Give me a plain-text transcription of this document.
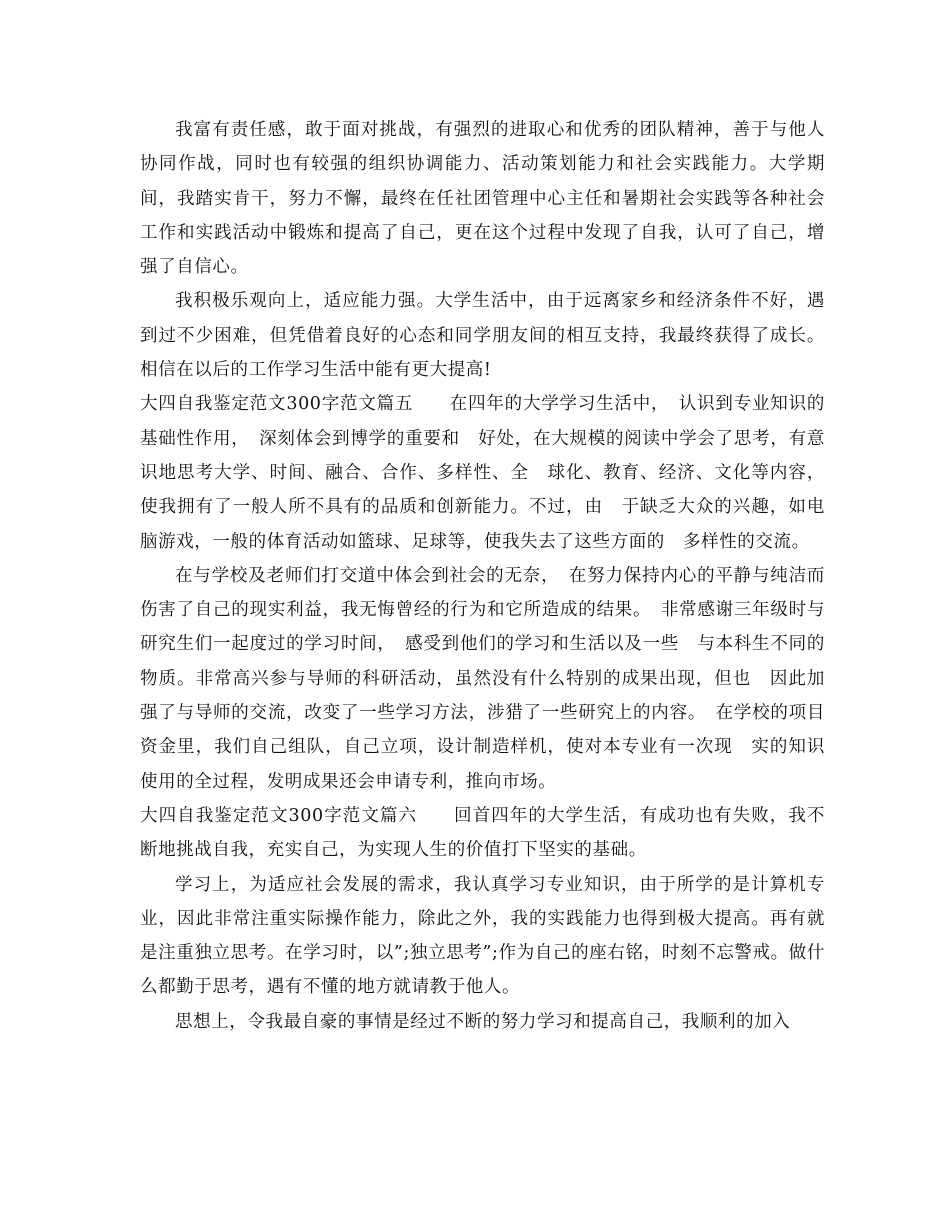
我富有责任感，敢于面对挑战，有强烈的进取心和优秀的团队精神，善于与他人协同作战，同时也有较强的组织协调能力、活动策划能力和社会实践能力。大学期间，我踏实肯干，努力不懈，最终在任社团管理中心主任和暑期社会实践等各种社会工作和实践活动中锻炼和提高了自己，更在这个过程中发现了自我，认可了自己，增强了自信心。

我积极乐观向上，适应能力强。大学生活中，由于远离家乡和经济条件不好，遇到过不少困难，但凭借着良好的心态和同学朋友间的相互支持，我最终获得了成长。相信在以后的工作学习生活中能有更大提高!

大四自我鉴定范文300字范文篇五　　在四年的大学学习生活中，　认识到专业知识的基础性作用，　深刻体会到博学的重要和　好处，在大规模的阅读中学会了思考，有意识地思考大学、时间、融合、合作、多样性、全　球化、教育、经济、文化等内容，使我拥有了一般人所不具有的品质和创新能力。不过，由　于缺乏大众的兴趣，如电脑游戏，一般的体育活动如篮球、足球等，使我失去了这些方面的　多样性的交流。

在与学校及老师们打交道中体会到社会的无奈，　在努力保持内心的平静与纯洁而伤害了自己的现实利益，我无悔曾经的行为和它所造成的结果。　非常感谢三年级时与研究生们一起度过的学习时间，　感受到他们的学习和生活以及一些　与本科生不同的物质。非常高兴参与导师的科研活动，虽然没有什么特别的成果出现，但也　因此加强了与导师的交流，改变了一些学习方法，涉猎了一些研究上的内容。　在学校的项目资金里，我们自己组队，自己立项，设计制造样机，使对本专业有一次现　实的知识使用的全过程，发明成果还会申请专利，推向市场。

大四自我鉴定范文300字范文篇六　　回首四年的大学生活，有成功也有失败，我不断地挑战自我，充实自己，为实现人生的价值打下坚实的基础。

学习上，为适应社会发展的需求，我认真学习专业知识，由于所学的是计算机专业，因此非常注重实际操作能力，除此之外，我的实践能力也得到极大提高。再有就是注重独立思考。在学习时，以”;独立思考”;作为自己的座右铭，时刻不忘警戒。做什么都勤于思考，遇有不懂的地方就请教于他人。

思想上，令我最自豪的事情是经过不断的努力学习和提高自己，我顺利的加入
